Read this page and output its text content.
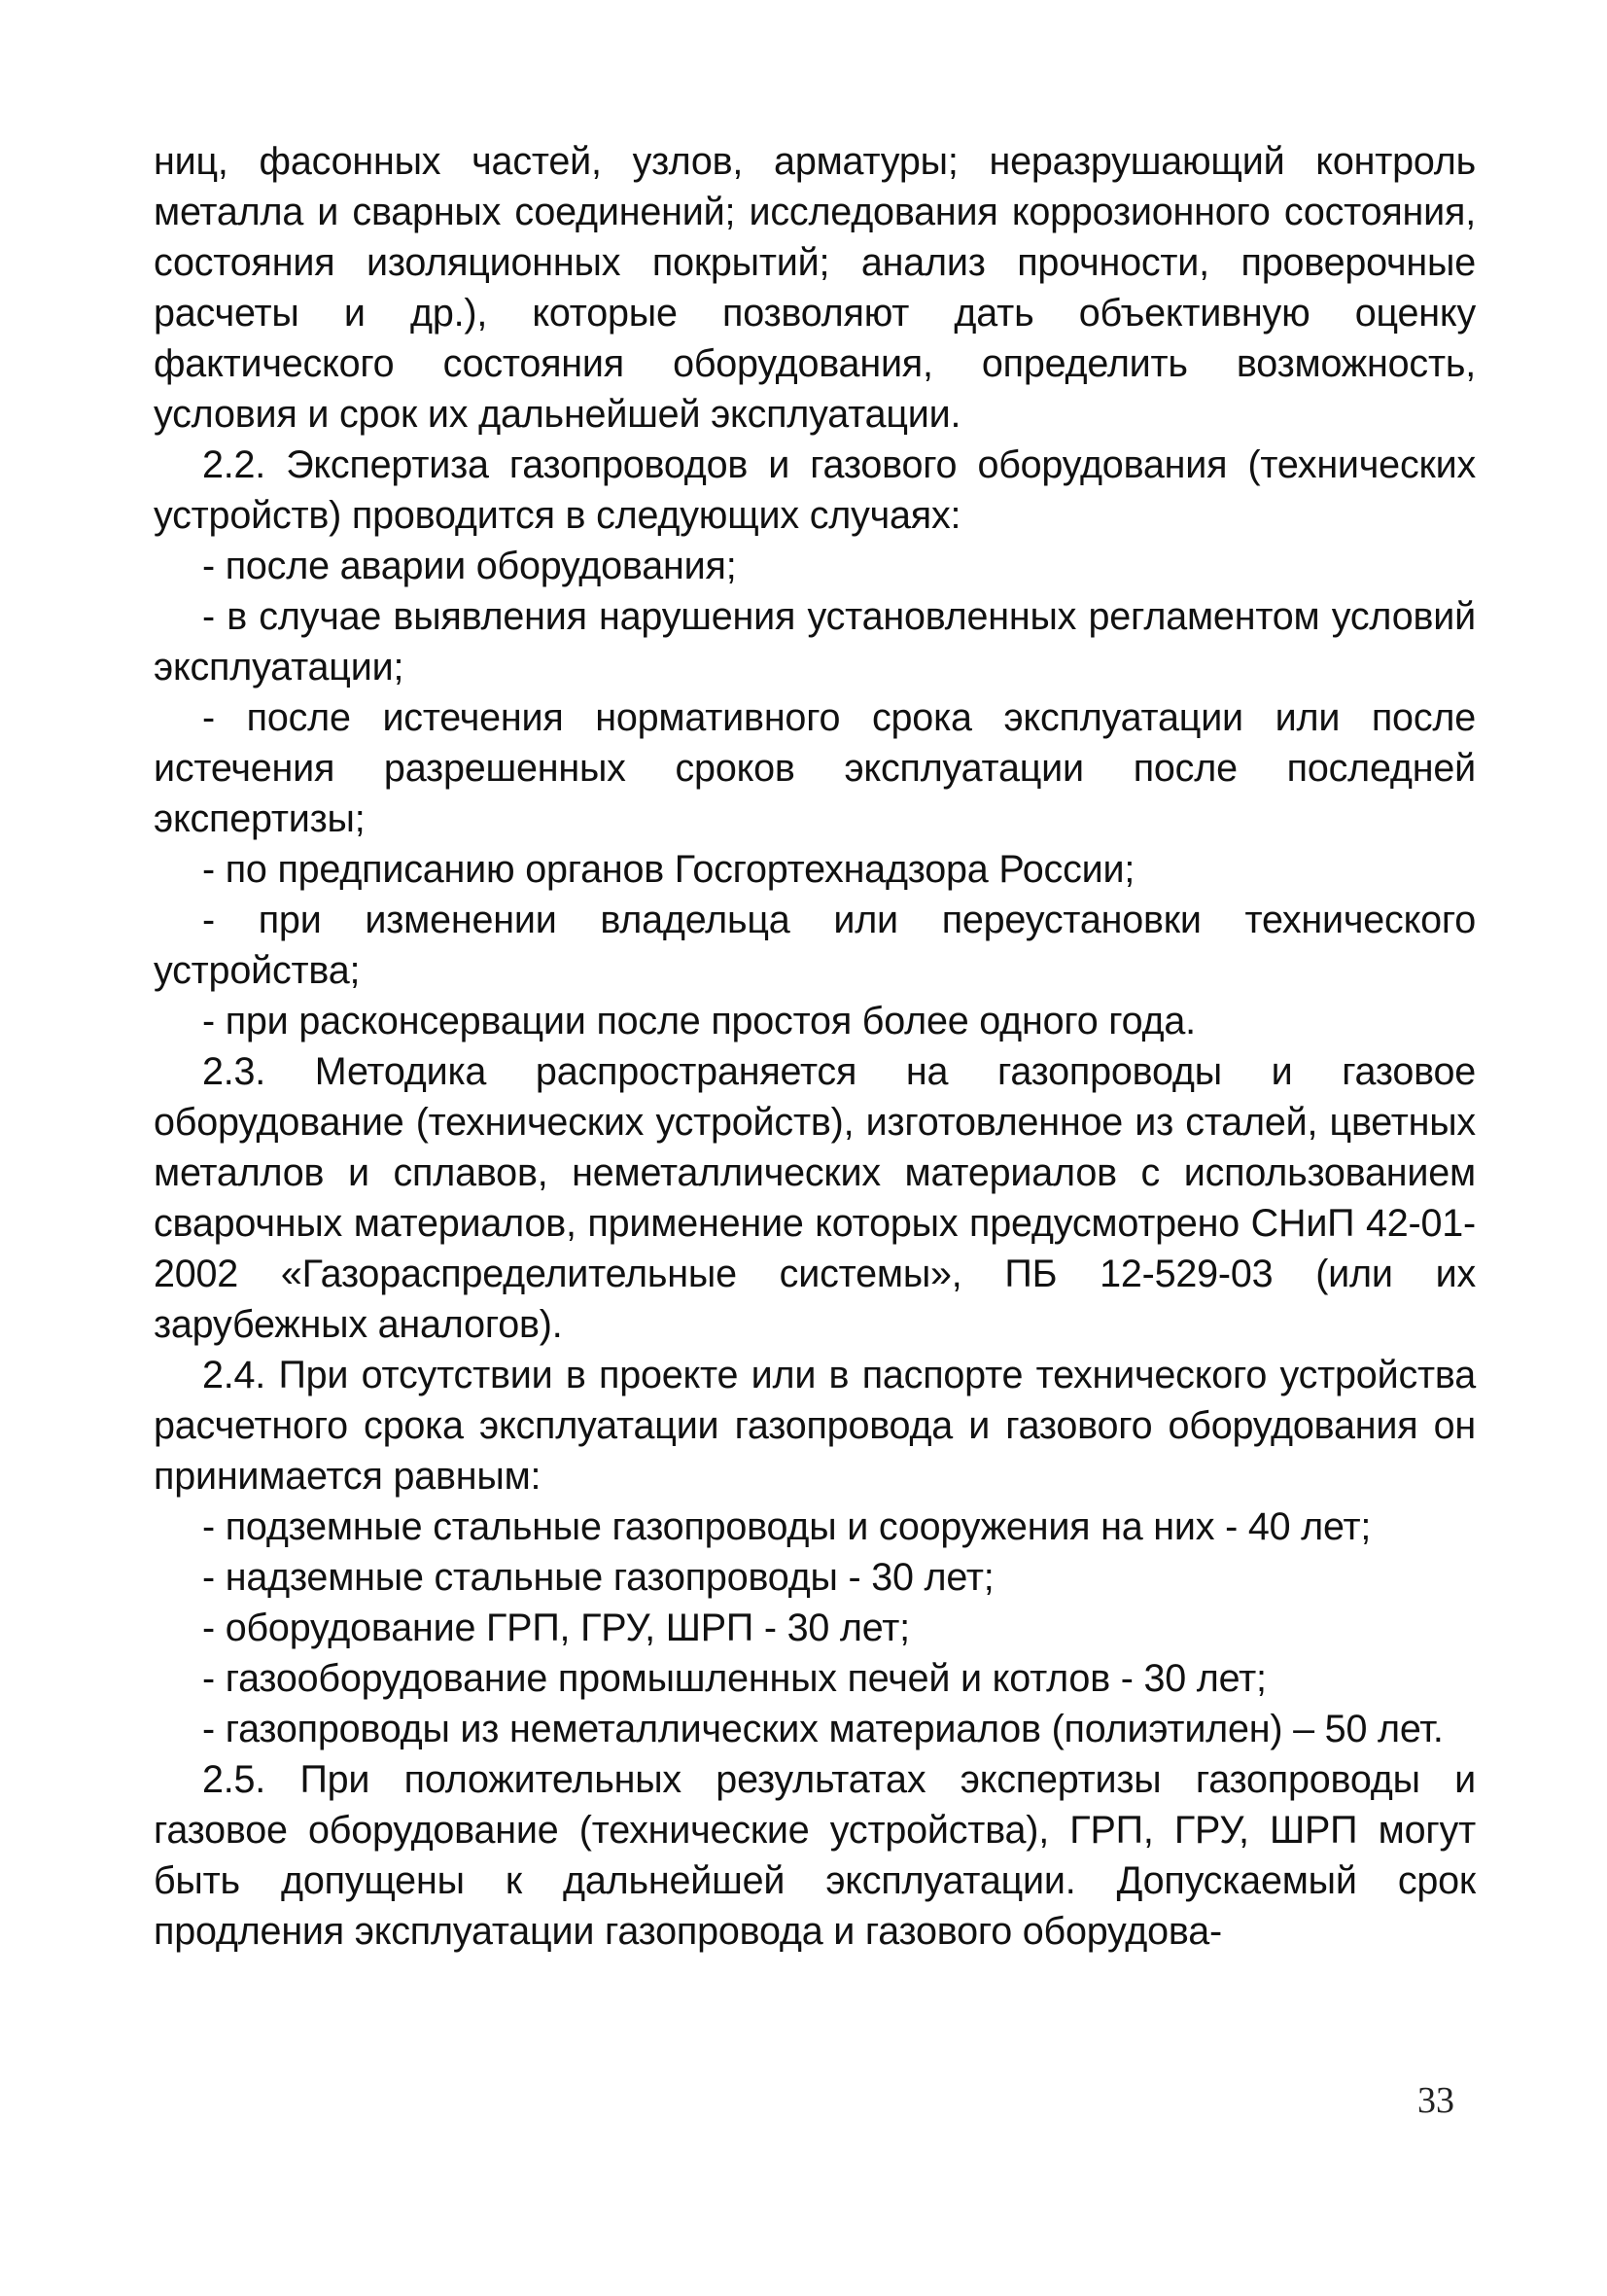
ниц, фасонных частей, узлов, арматуры; неразрушающий контроль металла и сварных соединений; исследования коррозионного состояния, состояния изоляционных покрытий; анализ прочности, проверочные расчеты и др.), которые позволяют дать объективную оценку фактического состояния оборудования, определить возможность, условия и срок их дальнейшей эксплуатации.

2.2. Экспертиза газопроводов и газового оборудования (технических устройств) проводится в следующих случаях:

- после аварии оборудования;

- в случае выявления нарушения установленных регламентом условий эксплуатации;

- после истечения нормативного срока эксплуатации или после истечения разрешенных сроков эксплуатации после последней экспертизы;

- по предписанию органов Госгортехнадзора России;

- при изменении владельца или переустановки технического устройства;

- при расконсервации после простоя более одного года.

2.3. Методика распространяется на газопроводы и газовое оборудование (технических устройств), изготовленное из сталей, цветных металлов и сплавов, неметаллических материалов с использованием сварочных материалов, применение которых предусмотрено СНиП 42-01-2002 «Газораспределительные системы», ПБ 12-529-03 (или их зарубежных аналогов).

2.4. При отсутствии в проекте или в паспорте технического устройства расчетного срока эксплуатации газопровода и газового оборудования он принимается равным:

- подземные стальные газопроводы и сооружения на них - 40 лет;

- надземные стальные газопроводы - 30 лет;

- оборудование ГРП, ГРУ, ШРП - 30 лет;

- газооборудование промышленных печей и котлов - 30 лет;

- газопроводы из неметаллических материалов (полиэтилен) – 50 лет.

2.5. При положительных результатах экспертизы газопроводы и газовое оборудование (технические устройства), ГРП, ГРУ, ШРП могут быть допущены к дальнейшей эксплуатации. Допускаемый срок продления эксплуатации газопровода и газового оборудова-

33
